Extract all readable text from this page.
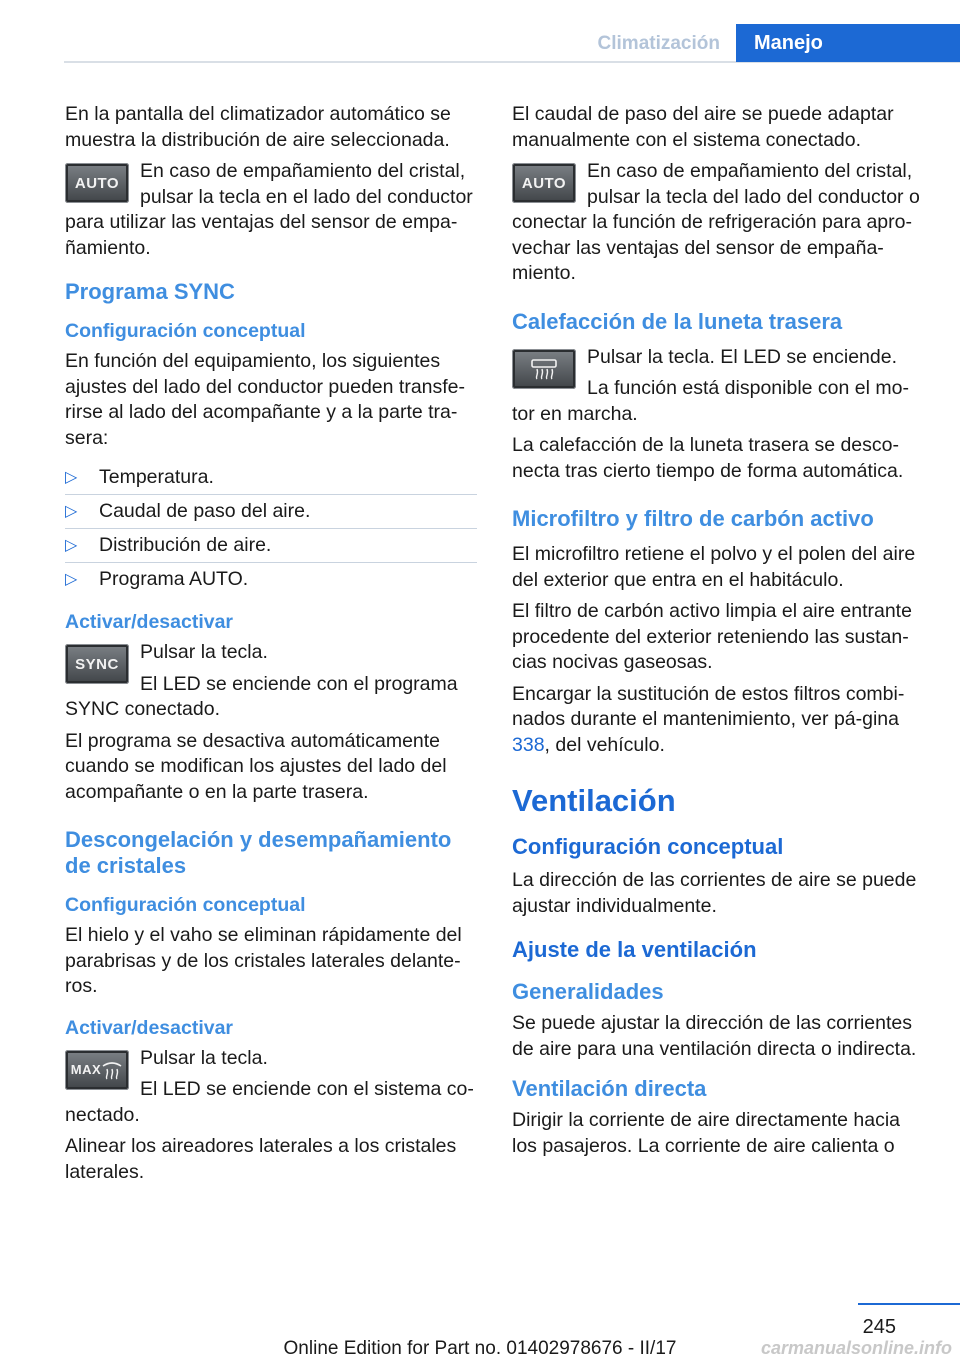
Climatización	Manejo

En la pantalla del climatizador automático se muestra la distribución de aire seleccionada.

AUTO

En caso de empañamiento del cristal, pulsar la tecla en el lado del conductor para utilizar las ventajas del sensor de empa-ñamiento.

Programa SYNC
Configuración conceptual

En función del equipamiento, los siguientes ajustes del lado del conductor pueden transfe-rirse al lado del acompañante y a la parte tra-sera:

▷ Temperatura.
▷ Caudal de paso del aire.
▷ Distribución de aire.
▷ Programa AUTO.
Activar/desactivar
SYNC

Pulsar la tecla.

El LED se enciende con el programa SYNC conectado.

El programa se desactiva automáticamente cuando se modifican los ajustes del lado del acompañante o en la parte trasera.

Descongelación y desempañamiento de cristales
Configuración conceptual

El hielo y el vaho se eliminan rápidamente del parabrisas y de los cristales laterales delante-ros.

Activar/desactivar
MAX

Pulsar la tecla.

El LED se enciende con el sistema co-nectado.

Alinear los aireadores laterales a los cristales laterales.

El caudal de paso del aire se puede adaptar manualmente con el sistema conectado.

AUTO

En caso de empañamiento del cristal, pulsar la tecla del lado del conductor o conectar la función de refrigeración para apro-vechar las ventajas del sensor de empaña-miento.

Calefacción de la luneta trasera

Pulsar la tecla. El LED se enciende.

La función está disponible con el mo-tor en marcha.

La calefacción de la luneta trasera se desco-necta tras cierto tiempo de forma automática.

Microfiltro y filtro de carbón activo

El microfiltro retiene el polvo y el polen del aire del exterior que entra en el habitáculo.

El filtro de carbón activo limpia el aire entrante procedente del exterior reteniendo las sustan-cias nocivas gaseosas.

Encargar la sustitución de estos filtros combi-nados durante el mantenimiento, ver pá-gina 338, del vehículo.

Ventilación
Configuración conceptual

La dirección de las corrientes de aire se puede ajustar individualmente.

Ajuste de la ventilación
Generalidades

Se puede ajustar la dirección de las corrientes de aire para una ventilación directa o indirecta.

Ventilación directa

Dirigir la corriente de aire directamente hacia los pasajeros. La corriente de aire calienta o

245
Online Edition for Part no. 01402978676 - II/17	carmanualsonline.info
